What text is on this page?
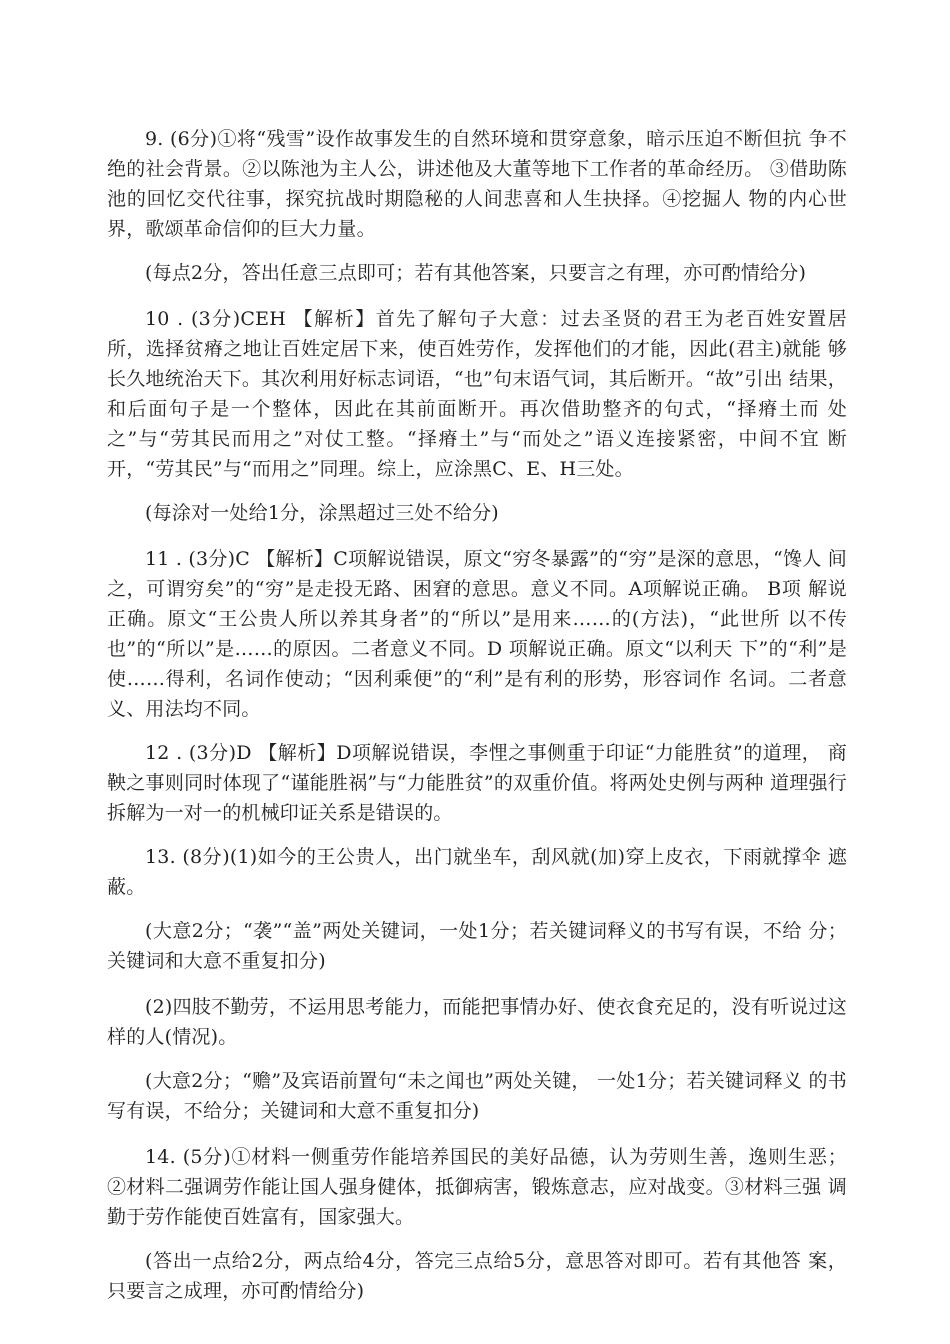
9. (6分)①将“残雪”设作故事发生的自然环境和贯穿意象，暗示压迫不断但抗 争不绝的社会背景。②以陈池为主人公，讲述他及大董等地下工作者的革命经历。 ③借助陈池的回忆交代往事，探究抗战时期隐秘的人间悲喜和人生抉择。④挖掘人 物的内心世界，歌颂革命信仰的巨大力量。

(每点2分，答出任意三点即可；若有其他答案，只要言之有理，亦可酌情给分)

10 . (3分)CEH 【解析】首先了解句子大意：过去圣贤的君王为老百姓安置居 所，选择贫瘠之地让百姓定居下来，使百姓劳作，发挥他们的才能，因此(君主)就能 够长久地统治天下。其次利用好标志词语，“也”句末语气词，其后断开。“故”引出 结果，和后面句子是一个整体，因此在其前面断开。再次借助整齐的句式，“择瘠土而 处之”与“劳其民而用之”对仗工整。“择瘠土”与“而处之”语义连接紧密，中间不宜 断开，“劳其民”与“而用之”同理。综上，应涂黑C、E、H三处。

(每涂对一处给1分，涂黑超过三处不给分)

11 . (3分)C 【解析】C项解说错误，原文“穷冬暴露”的“穷”是深的意思，“馋人 间之，可谓穷矣”的“穷”是走投无路、困窘的意思。意义不同。A项解说正确。 B项 解说正确。原文“王公贵人所以养其身者”的“所以”是用来……的(方法)，“此世所 以不传也”的“所以”是……的原因。二者意义不同。D 项解说正确。原文“以利天 下”的“利”是使……得利，名词作使动；“因利乘便”的“利”是有利的形势，形容词作 名词。二者意义、用法均不同。

12 . (3分)D 【解析】D项解说错误，李悝之事侧重于印证“力能胜贫”的道理， 商鞅之事则同时体现了“谨能胜祸”与“力能胜贫”的双重价值。将两处史例与两种 道理强行拆解为一对一的机械印证关系是错误的。

13. (8分)(1)如今的王公贵人，出门就坐车，刮风就(加)穿上皮衣，下雨就撑伞 遮蔽。

(大意2分；“袭”“盖”两处关键词，一处1分；若关键词释义的书写有误，不给 分；关键词和大意不重复扣分)

(2)四肢不勤劳，不运用思考能力，而能把事情办好、使衣食充足的，没有听说过这样的人(情况)。

(大意2分；“赡”及宾语前置句“未之闻也”两处关键， 一处1分；若关键词释义 的书写有误，不给分；关键词和大意不重复扣分)

14. (5分)①材料一侧重劳作能培养国民的美好品德，认为劳则生善，逸则生恶； ②材料二强调劳作能让国人强身健体，抵御病害，锻炼意志，应对战变。③材料三强 调勤于劳作能使百姓富有，国家强大。

(答出一点给2分，两点给4分，答完三点给5分，意思答对即可。若有其他答 案，只要言之成理，亦可酌情给分)
